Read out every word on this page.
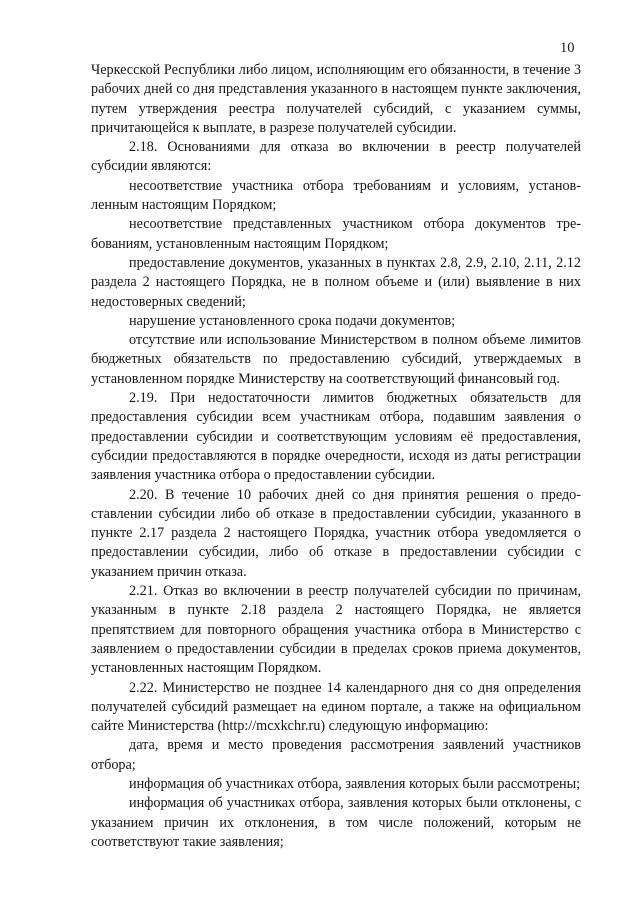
10

Черкесской Республики либо лицом, исполняющим его обязанности, в течение 3 рабочих дней со дня представления указанного в настоящем пункте заключения, путем утверждения реестра получателей субсидий, с указанием суммы, причитающейся к выплате, в разрезе получателей субсидии.

2.18. Основаниями для отказа во включении в реестр получателей субсидии являются:

несоответствие участника отбора требованиям и условиям, установленным настоящим Порядком;

несоответствие представленных участником отбора документов требованиям, установленным настоящим Порядком;

предоставление документов, указанных в пунктах 2.8, 2.9, 2.10, 2.11, 2.12 раздела 2 настоящего Порядка, не в полном объеме и (или) выявление в них недостоверных сведений;

нарушение установленного срока подачи документов;

отсутствие или использование Министерством в полном объеме лимитов бюджетных обязательств по предоставлению субсидий, утверждаемых в установленном порядке Министерству на соответствующий финансовый год.

2.19. При недостаточности лимитов бюджетных обязательств для предоставления субсидии всем участникам отбора, подавшим заявления о предоставлении субсидии и соответствующим условиям её предоставления, субсидии предоставляются в порядке очередности, исходя из даты регистрации заявления участника отбора о предоставлении субсидии.

2.20. В течение 10 рабочих дней со дня принятия решения о предоставлении субсидии либо об отказе в предоставлении субсидии, указанного в пункте 2.17 раздела 2 настоящего Порядка, участник отбора уведомляется о предоставлении субсидии, либо об отказе в предоставлении субсидии с указанием причин отказа.

2.21. Отказ во включении в реестр получателей субсидии по причинам, указанным в пункте 2.18 раздела 2 настоящего Порядка, не является препятствием для повторного обращения участника отбора в Министерство с заявлением о предоставлении субсидии в пределах сроков приема документов, установленных настоящим Порядком.

2.22. Министерство не позднее 14 календарного дня со дня определения получателей субсидий размещает на едином портале, а также на официальном сайте Министерства (http://mcxkchr.ru) следующую информацию:

дата, время и место проведения рассмотрения заявлений участников отбора;

информация об участниках отбора, заявления которых были рассмотрены;

информация об участниках отбора, заявления которых были отклонены, с указанием причин их отклонения, в том числе положений, которым не соответствуют такие заявления;
